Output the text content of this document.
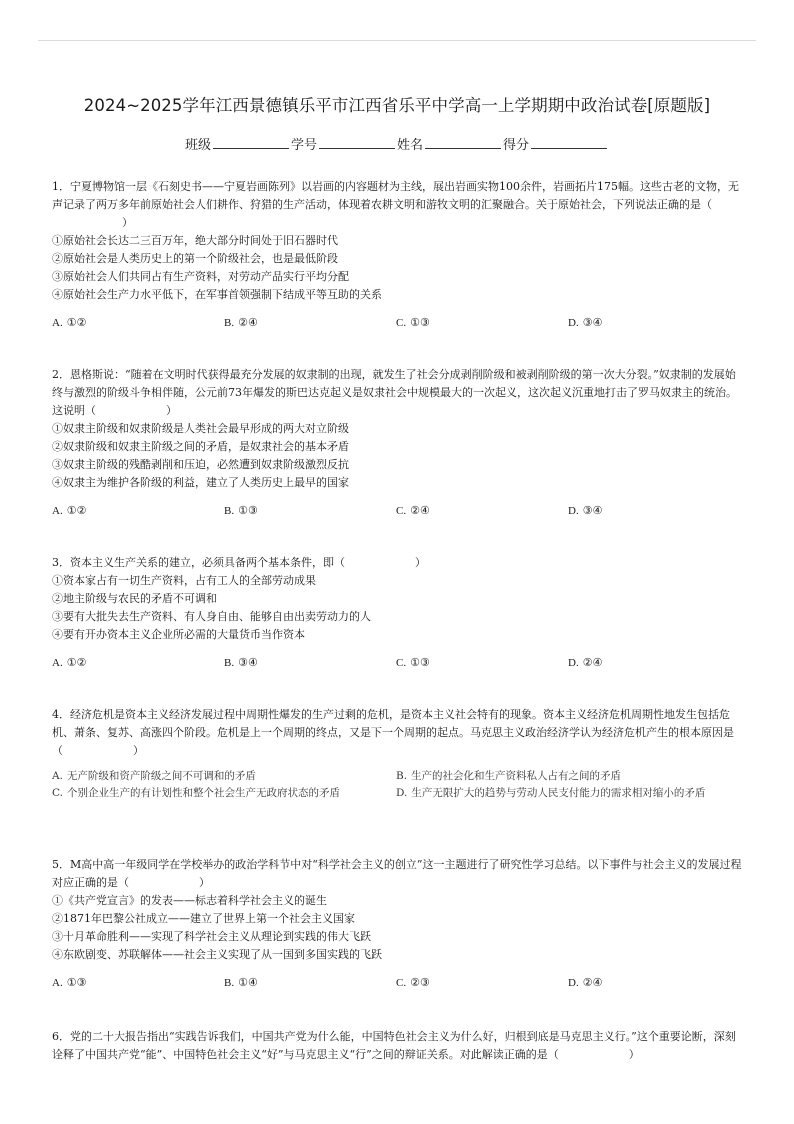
2024~2025学年江西景德镇乐平市江西省乐平中学高一上学期期中政治试卷[原题版]
班级	学号	姓名	得分

1．宁夏博物馆一层《石刻史书——宁夏岩画陈列》以岩画的内容题材为主线，展出岩画实物100余件，岩画拓片175幅。这些古老的文物，无声记录了两万多年前原始社会人们耕作、狩猎的生产活动，体现着农耕文明和游牧文明的汇聚融合。关于原始社会，下列说法正确的是（）

①原始社会长达二三百万年，绝大部分时间处于旧石器时代

②原始社会是人类历史上的第一个阶级社会，也是最低阶段

③原始社会人们共同占有生产资料，对劳动产品实行平均分配

④原始社会生产力水平低下，在军事首领强制下结成平等互助的关系

A. ①②	B. ②④	C. ①③	D. ③④

2．恩格斯说：“随着在文明时代获得最充分发展的奴隶制的出现，就发生了社会分成剥削阶级和被剥削阶级的第一次大分裂。”奴隶制的发展始终与激烈的阶级斗争相伴随，公元前73年爆发的斯巴达克起义是奴隶社会中规模最大的一次起义，这次起义沉重地打击了罗马奴隶主的统治。这说明（	）

①奴隶主阶级和奴隶阶级是人类社会最早形成的两大对立阶级

②奴隶阶级和奴隶主阶级之间的矛盾，是奴隶社会的基本矛盾

③奴隶主阶级的残酷剥削和压迫，必然遭到奴隶阶级激烈反抗

④奴隶主为维护各阶级的利益，建立了人类历史上最早的国家

A. ①②	B. ①③	C. ②④	D. ③④

3．资本主义生产关系的建立，必须具备两个基本条件，即（	）

①资本家占有一切生产资料，占有工人的全部劳动成果

②地主阶级与农民的矛盾不可调和

③要有大批失去生产资料、有人身自由、能够自由出卖劳动力的人

④要有开办资本主义企业所必需的大量货币当作资本

A. ①②	B. ③④	C. ①③	D. ②④

4．经济危机是资本主义经济发展过程中周期性爆发的生产过剩的危机，是资本主义社会特有的现象。资本主义经济危机周期性地发生包括危机、萧条、复苏、高涨四个阶段。危机是上一个周期的终点，又是下一个周期的起点。马克思主义政治经济学认为经济危机产生的根本原因是（	）

A. 无产阶级和资产阶级之间不可调和的矛盾	B. 生产的社会化和生产资料私人占有之间的矛盾
C. 个别企业生产的有计划性和整个社会生产无政府状态的矛盾	D. 生产无限扩大的趋势与劳动人民支付能力的需求相对缩小的矛盾

5．M高中高一年级同学在学校举办的政治学科节中对“科学社会主义的创立”这一主题进行了研究性学习总结。以下事件与社会主义的发展过程对应正确的是（	）

①《共产党宣言》的发表——标志着科学社会主义的诞生

②1871年巴黎公社成立——建立了世界上第一个社会主义国家

③十月革命胜利——实现了科学社会主义从理论到实践的伟大飞跃

④东欧剧变、苏联解体——社会主义实现了从一国到多国实践的飞跃

A. ①③	B. ①④	C. ②③	D. ②④

6．党的二十大报告指出“实践告诉我们，中国共产党为什么能，中国特色社会主义为什么好，归根到底是马克思主义行。”这个重要论断，深刻诠释了中国共产党“能”、中国特色社会主义“好”与马克思主义“行”之间的辩证关系。对此解读正确的是（	）
